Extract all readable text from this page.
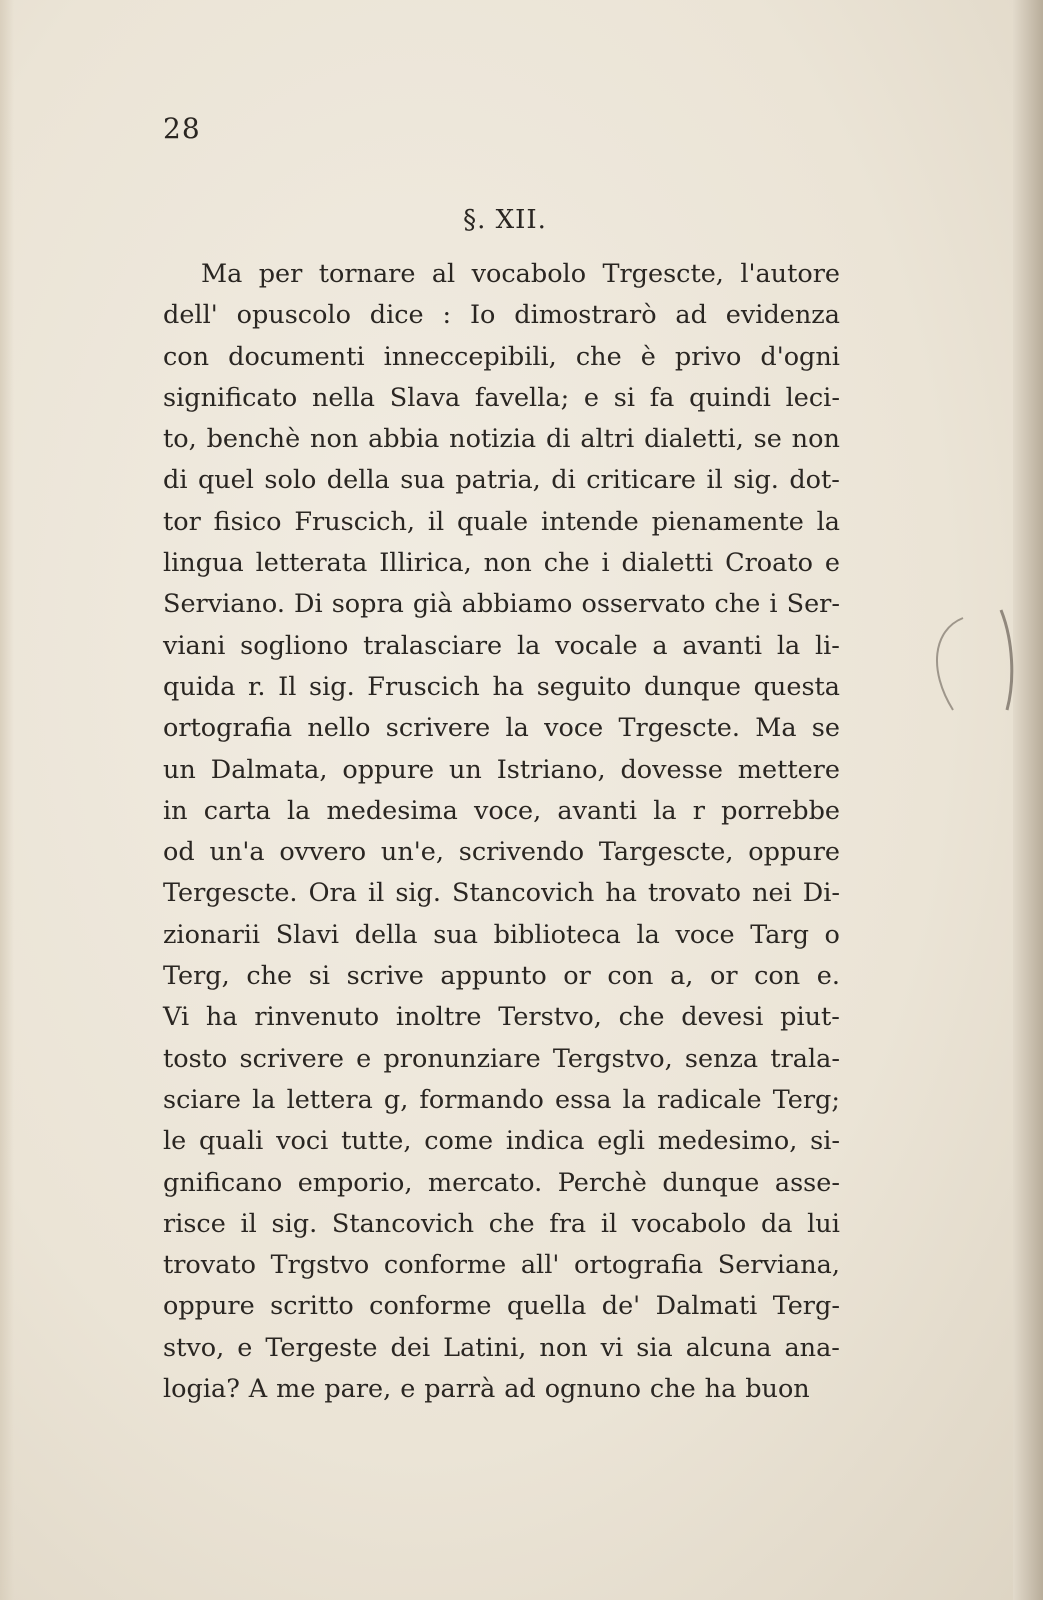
28
§. XII.
Ma per tornare al vocabolo Trgescte, l'autore
dell' opuscolo dice : Io dimostrarò ad evidenza
con documenti inneccepibili, che è privo d'ogni
significato nella Slava favella; e si fa quindi leci-
to, benchè non abbia notizia di altri dialetti, se non
di quel solo della sua patria, di criticare il sig. dot-
tor fisico Fruscich, il quale intende pienamente la
lingua letterata Illirica, non che i dialetti Croato e
Serviano. Di sopra già abbiamo osservato che i Ser-
viani sogliono tralasciare la vocale a avanti la li-
quida r. Il sig. Fruscich ha seguito dunque questa
ortografia nello scrivere la voce Trgescte. Ma se
un Dalmata, oppure un Istriano, dovesse mettere
in carta la medesima voce, avanti la r porrebbe
od un'a ovvero un'e, scrivendo Targescte, oppure
Tergescte. Ora il sig. Stancovich ha trovato nei Di-
zionarii Slavi della sua biblioteca la voce Targ o
Terg, che si scrive appunto or con a, or con e.
Vi ha rinvenuto inoltre Terstvo, che devesi piut-
tosto scrivere e pronunziare Tergstvo, senza trala-
sciare la lettera g, formando essa la radicale Terg;
le quali voci tutte, come indica egli medesimo, si-
gnificano emporio, mercato. Perchè dunque asse-
risce il sig. Stancovich che fra il vocabolo da lui
trovato Trgstvo conforme all' ortografia Serviana,
oppure scritto conforme quella de' Dalmati Terg-
stvo, e Tergeste dei Latini, non vi sia alcuna ana-
logia? A me pare, e parrà ad ognuno che ha buon
